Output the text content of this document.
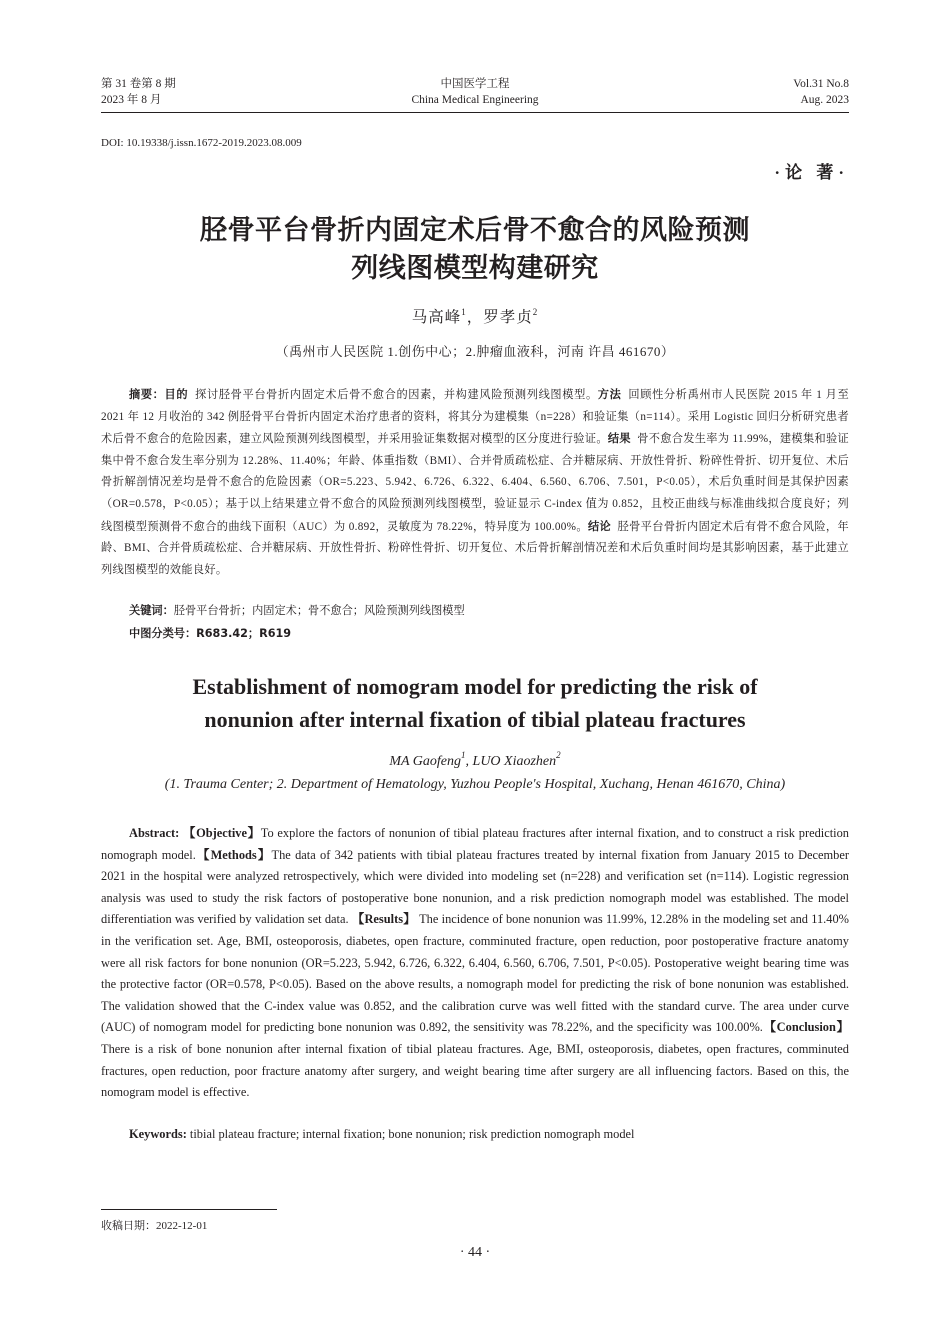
第 31 卷第 8 期
2023 年 8 月
中国医学工程
China Medical Engineering
Vol.31 No.8
Aug. 2023
DOI: 10.19338/j.issn.1672-2019.2023.08.009
·论 著·
胫骨平台骨折内固定术后骨不愈合的风险预测
列线图模型构建研究
马高峰$^1$，罗孝贞$^2$
（禹州市人民医院 1.创伤中心；2.肿瘤血液科，河南 许昌 461670）
摘要：目的 探讨胫骨平台骨折内固定术后骨不愈合的因素，并构建风险预测列线图模型。方法 回顾性分析禹州市人民医院 2015 年 1 月至 2021 年 12 月收治的 342 例胫骨平台骨折内固定术治疗患者的资料，将其分为建模集（n=228）和验证集（n=114）。采用 Logistic 回归分析研究患者术后骨不愈合的危险因素，建立风险预测列线图模型，并采用验证集数据对模型的区分度进行验证。结果 骨不愈合发生率为 11.99%，建模集和验证集中骨不愈合发生率分别为 12.28%、11.40%；年龄、体重指数（BMI）、合并骨质疏松症、合并糖尿病、开放性骨折、粉碎性骨折、切开复位、术后骨折解剖情况差均是骨不愈合的危险因素（OR=5.223、5.942、6.726、6.322、6.404、6.560、6.706、7.501，P<0.05），术后负重时间是其保护因素（OR=0.578，P<0.05）；基于以上结果建立骨不愈合的风险预测列线图模型，验证显示 C-index 值为 0.852，且校正曲线与标准曲线拟合度良好；列线图模型预测骨不愈合的曲线下面积（AUC）为 0.892，灵敏度为 78.22%，特异度为 100.00%。结论 胫骨平台骨折内固定术后有骨不愈合风险，年龄、BMI、合并骨质疏松症、合并糖尿病、开放性骨折、粉碎性骨折、切开复位、术后骨折解剖情况差和术后负重时间均是其影响因素，基于此建立列线图模型的效能良好。
关键词：胫骨平台骨折；内固定术；骨不愈合；风险预测列线图模型
中图分类号：R683.42；R619
Establishment of nomogram model for predicting the risk of
nonunion after internal fixation of tibial plateau fractures
MA Gaofeng$^1$, LUO Xiaozhen$^2$
(1. Trauma Center; 2. Department of Hematology, Yuzhou People's Hospital, Xuchang, Henan 461670, China)
Abstract: 【Objective】To explore the factors of nonunion of tibial plateau fractures after internal fixation, and to construct a risk prediction nomograph model.【Methods】The data of 342 patients with tibial plateau fractures treated by internal fixation from January 2015 to December 2021 in the hospital were analyzed retrospectively, which were divided into modeling set (n=228) and verification set (n=114). Logistic regression analysis was used to study the risk factors of postoperative bone nonunion, and a risk prediction nomograph model was established. The model differentiation was verified by validation set data. 【Results】 The incidence of bone nonunion was 11.99%, 12.28% in the modeling set and 11.40% in the verification set. Age, BMI, osteoporosis, diabetes, open fracture, comminuted fracture, open reduction, poor postoperative fracture anatomy were all risk factors for bone nonunion (OR=5.223, 5.942, 6.726, 6.322, 6.404, 6.560, 6.706, 7.501, P<0.05). Postoperative weight bearing time was the protective factor (OR=0.578, P<0.05). Based on the above results, a nomograph model for predicting the risk of bone nonunion was established. The validation showed that the C-index value was 0.852, and the calibration curve was well fitted with the standard curve. The area under curve (AUC) of nomogram model for predicting bone nonunion was 0.892, the sensitivity was 78.22%, and the specificity was 100.00%.【Conclusion】There is a risk of bone nonunion after internal fixation of tibial plateau fractures. Age, BMI, osteoporosis, diabetes, open fractures, comminuted fractures, open reduction, poor fracture anatomy after surgery, and weight bearing time after surgery are all influencing factors. Based on this, the nomogram model is effective.
Keywords: tibial plateau fracture; internal fixation; bone nonunion; risk prediction nomograph model
收稿日期：2022-12-01
· 44 ·
